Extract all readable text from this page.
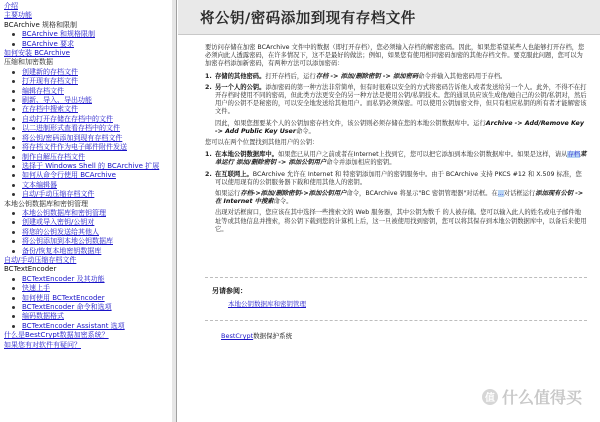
介绍
主要功能
BCArchive 规格和限制
BCArchive 和规格限制
BCArchive 要求
如何安装 BCArchive
压缩和加密数据
创建新的存档文件
打开现有存档文件
编辑存档文件
刷新、导入、导出功能
在存档中搜索文件
自动打开存储在存档中的文件
以二进制形式查看存档中的文件
将公钥/密码添加到现有存档文件
将存档文件作为电子邮件附件发送
制作自解压存档文件
选择于 Windows Shell 的 BCArchive 扩展
如何从命令行使用 BCArchive
文本编辑器
自动/手动压缩存档文件
本地公钥数据库和密钥管理
本地公钥数据库和密钥管理
创建或导入密钥/公钥对
将您的公钥发送给其他人
将公钥添加到本地公钥数据库
备份/恢复本地密钥数据库
自动/手动压缩存档文件
BCTextEncoder
BCTextEncoder 及其功能
快速上手
如何使用 BCTextEncoder
BCTextEncoder 命令和选项
编码数据格式
BCTextEncoder Assistant 选项
什么是BestCrypt数据加密系统？
如果您有对软件有疑问？
将公钥/密码添加到现有存档文件

要访问存储在加密 BCArchive 文件中的数据（即打开存档），您必须输入存档的解密密码。因此，如果您希望某些人也能够打开存档，您必须向此人透露密码，在许多情况下，这不是最好的做法；例如，如果您有使用相同密码加密的其他存档文件。要克服此问题，您可以为加密存档添加新密码，有两种方法可以添加密码：

1. 存储的其他密码。打开存档后，运行存档 -> 添加/删除密钥 -> 添加密码命令并输入其他密码用于存档。
2. 另一个人的公钥。添加密码的第一种方法非常简单，但有时很难以安全的方式将密码告诉他人或者发送给另一个人。此外，不得不在打开存档时使用不同的密码，但此类方法更安全的另一种方法是使用公钥/私钥技术。您的通讯员应该生成他/她自己的公钥/私钥对，然后用户的公钥不是秘密的，可以安全地发送给其他用户。而私钥必须保密。可以使用公钥加密文件，但只有相应私钥的所有者才能解密该文件。
因此，如果您想要某个人的公钥加密存档文件，该公钥则必须存储在您的本地公钥数据库中。运行Archive -> Add/Remove Key -> Add Public Key User命令。

您可以在两个位置找到其他用户的公钥：

1. 在本地公钥数据库中。如果您已从用户之前或者在Internet上找到它，您可以把它添加到本地公钥数据库中。如果是这样，请从存档菜单运行 添加/删除密钥 -> 添加公钥用户命令并添加相应的密钥。
2. 在互联网上。BCArchive 允许在 Internet 和 特密钥添加用户的密钥服务中。由于 BCArchive 支持 PKCS #12 和 X.509 标准，您可以使用现有的公钥服务器下载和使用其他人的密钥。
如果运行存档->添加/删除密钥->添加公钥用户命令，BCArchive 将显示"BC 密钥管理器"对话框。在...对话框运行添加现有公钥 -> 在 Internet 中搜索命令。
出现对话框窗口，您应该在其中选择一些搜索文的 Web 服务器，其中公钥为数千 的人被存储。您可以输入此人的姓名或电子邮件地址等或其他信息并搜索，将公钥下载到您的计算机上后，这一旦被使用找到密钥，您可以将其保存到本地公钥数据库中，以备后来使用它。
另请参阅：
本地公钥数据库和密钥管理
BestCrypt数据保护系统
值 什么值得买
